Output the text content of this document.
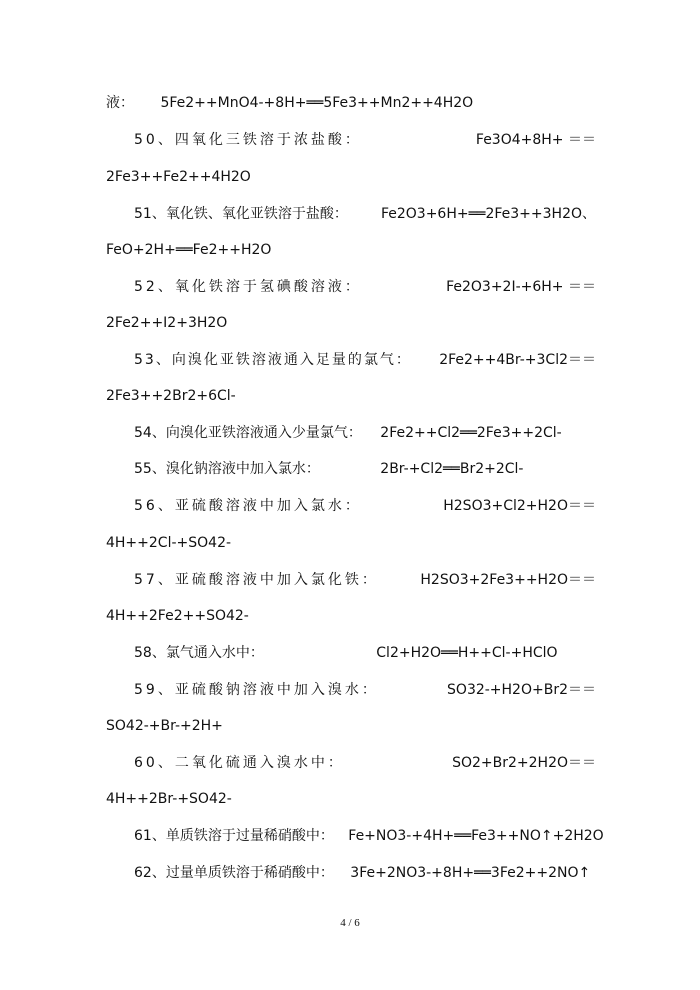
液： 5Fe2++MnO4-+8H+══5Fe3++Mn2++4H2O
50、四氧化三铁溶于浓盐酸：	Fe3O4+8H+ ＝＝
2Fe3++Fe2++4H2O
51、氧化铁、氧化亚铁溶于盐酸： Fe2O3+6H+══2Fe3++3H2O、
FeO+2H+══Fe2++H2O
52、氧化铁溶于氢碘酸溶液：	Fe2O3+2I-+6H+ ＝＝
2Fe2++I2+3H2O
53、向溴化亚铁溶液通入足量的氯气： 2Fe2++4Br-+3Cl2＝＝
2Fe3++2Br2+6Cl-
54、向溴化亚铁溶液通入少量氯气： 2Fe2++Cl2══2Fe3++2Cl-
55、溴化钠溶液中加入氯水：	2Br-+Cl2══Br2+2Cl-
56、亚硫酸溶液中加入氯水：	H2SO3+Cl2+H2O＝＝
4H++2Cl-+SO42-
57、亚硫酸溶液中加入氯化铁：	H2SO3+2Fe3++H2O＝＝
4H++2Fe2++SO42-
58、氯气通入水中：	Cl2+H2O══H++Cl-+HClO
59、亚硫酸钠溶液中加入溴水：	SO32-+H2O+Br2＝＝
SO42-+Br-+2H+
60、二氧化硫通入溴水中：	SO2+Br2+2H2O＝＝
4H++2Br-+SO42-
61、单质铁溶于过量稀硝酸中： Fe+NO3-+4H+══Fe3++NO↑+2H2O
62、过量单质铁溶于稀硝酸中： 3Fe+2NO3-+8H+══3Fe2++2NO↑
4 / 6
